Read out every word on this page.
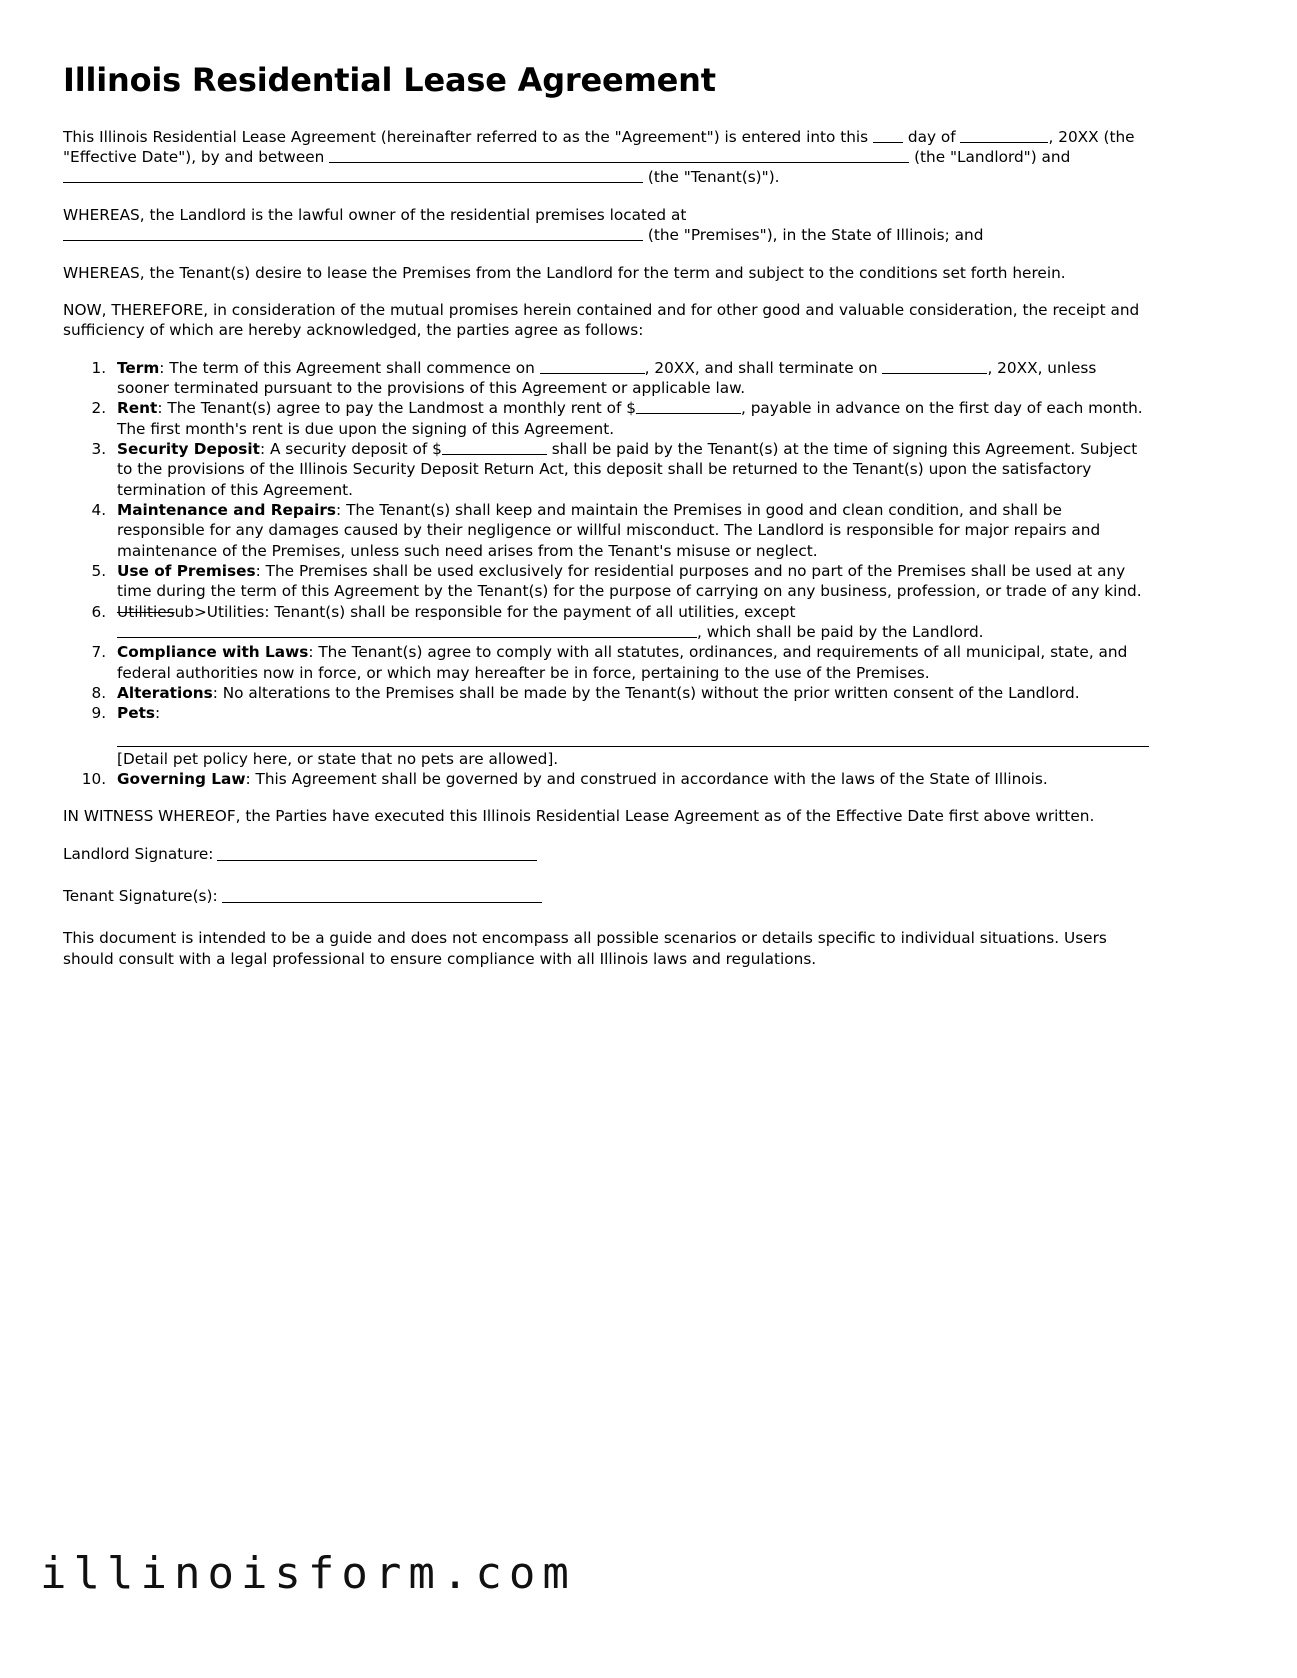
Illinois Residential Lease Agreement

This Illinois Residential Lease Agreement (hereinafter referred to as the "Agreement") is entered into this  day of	, 20XX (the "Effective Date"), by and between	(the "Landlord") and  (the "Tenant(s)").

WHEREAS, the Landlord is the lawful owner of the residential premises located at  (the "Premises"), in the State of Illinois; and

WHEREAS, the Tenant(s) desire to lease the Premises from the Landlord for the term and subject to the conditions set forth herein.

NOW, THEREFORE, in consideration of the mutual promises herein contained and for other good and valuable consideration, the receipt and sufficiency of which are hereby acknowledged, the parties agree as follows:

1. Term: The term of this Agreement shall commence on	, 20XX, and shall terminate on	, 20XX, unless sooner terminated pursuant to the provisions of this Agreement or applicable law.
2. Rent: The Tenant(s) agree to pay the Landmost a monthly rent of $	, payable in advance on the first day of each month. The first month's rent is due upon the signing of this Agreement.
3. Security Deposit: A security deposit of $	shall be paid by the Tenant(s) at the time of signing this Agreement. Subject to the provisions of the Illinois Security Deposit Return Act, this deposit shall be returned to the Tenant(s) upon the satisfactory termination of this Agreement.
4. Maintenance and Repairs: The Tenant(s) shall keep and maintain the Premises in good and clean condition, and shall be responsible for any damages caused by their negligence or willful misconduct. The Landlord is responsible for major repairs and maintenance of the Premises, unless such need arises from the Tenant's misuse or neglect.
5. Use of Premises: The Premises shall be used exclusively for residential purposes and no part of the Premises shall be used at any time during the term of this Agreement by the Tenant(s) for the purpose of carrying on any business, profession, or trade of any kind.
6. Utilitiesub>Utilities: Tenant(s) shall be responsible for the payment of all utilities, except , which shall be paid by the Landlord.
7. Compliance with Laws: The Tenant(s) agree to comply with all statutes, ordinances, and requirements of all municipal, state, and federal authorities now in force, or which may hereafter be in force, pertaining to the use of the Premises.
8. Alterations: No alterations to the Premises shall be made by the Tenant(s) without the prior written consent of the Landlord.
9. Pets:
[Detail pet policy here, or state that no pets are allowed].
10. Governing Law: This Agreement shall be governed by and construed in accordance with the laws of the State of Illinois.

IN WITNESS WHEREOF, the Parties have executed this Illinois Residential Lease Agreement as of the Effective Date first above written.

Landlord Signature:
Tenant Signature(s):

This document is intended to be a guide and does not encompass all possible scenarios or details specific to individual situations. Users should consult with a legal professional to ensure compliance with all Illinois laws and regulations.

illinoisform.com
